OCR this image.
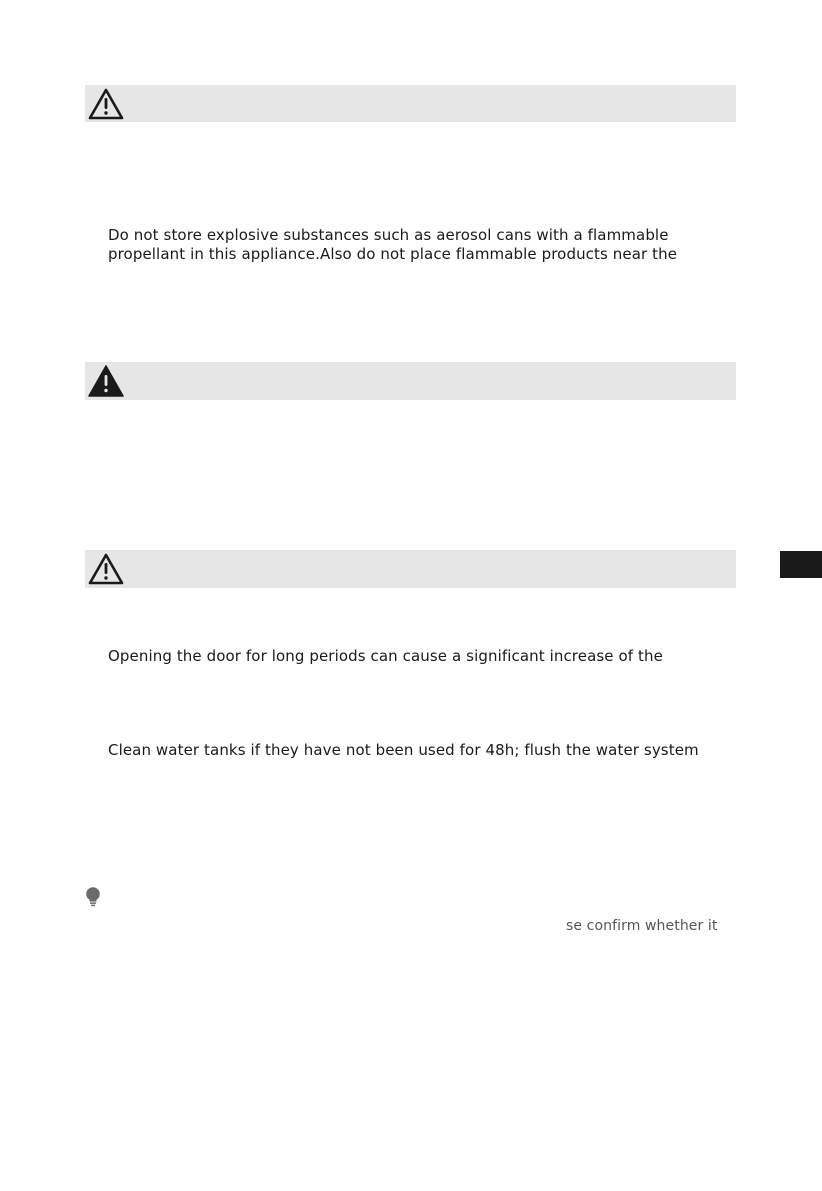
Do not store explosive substances such as aerosol cans with a flammable

propellant in this appliance.Also do not place flammable products near the

Opening the door for long periods can cause a significant increase of the

Clean water tanks if they have not been used for 48h; flush the water system

se confirm whether it
